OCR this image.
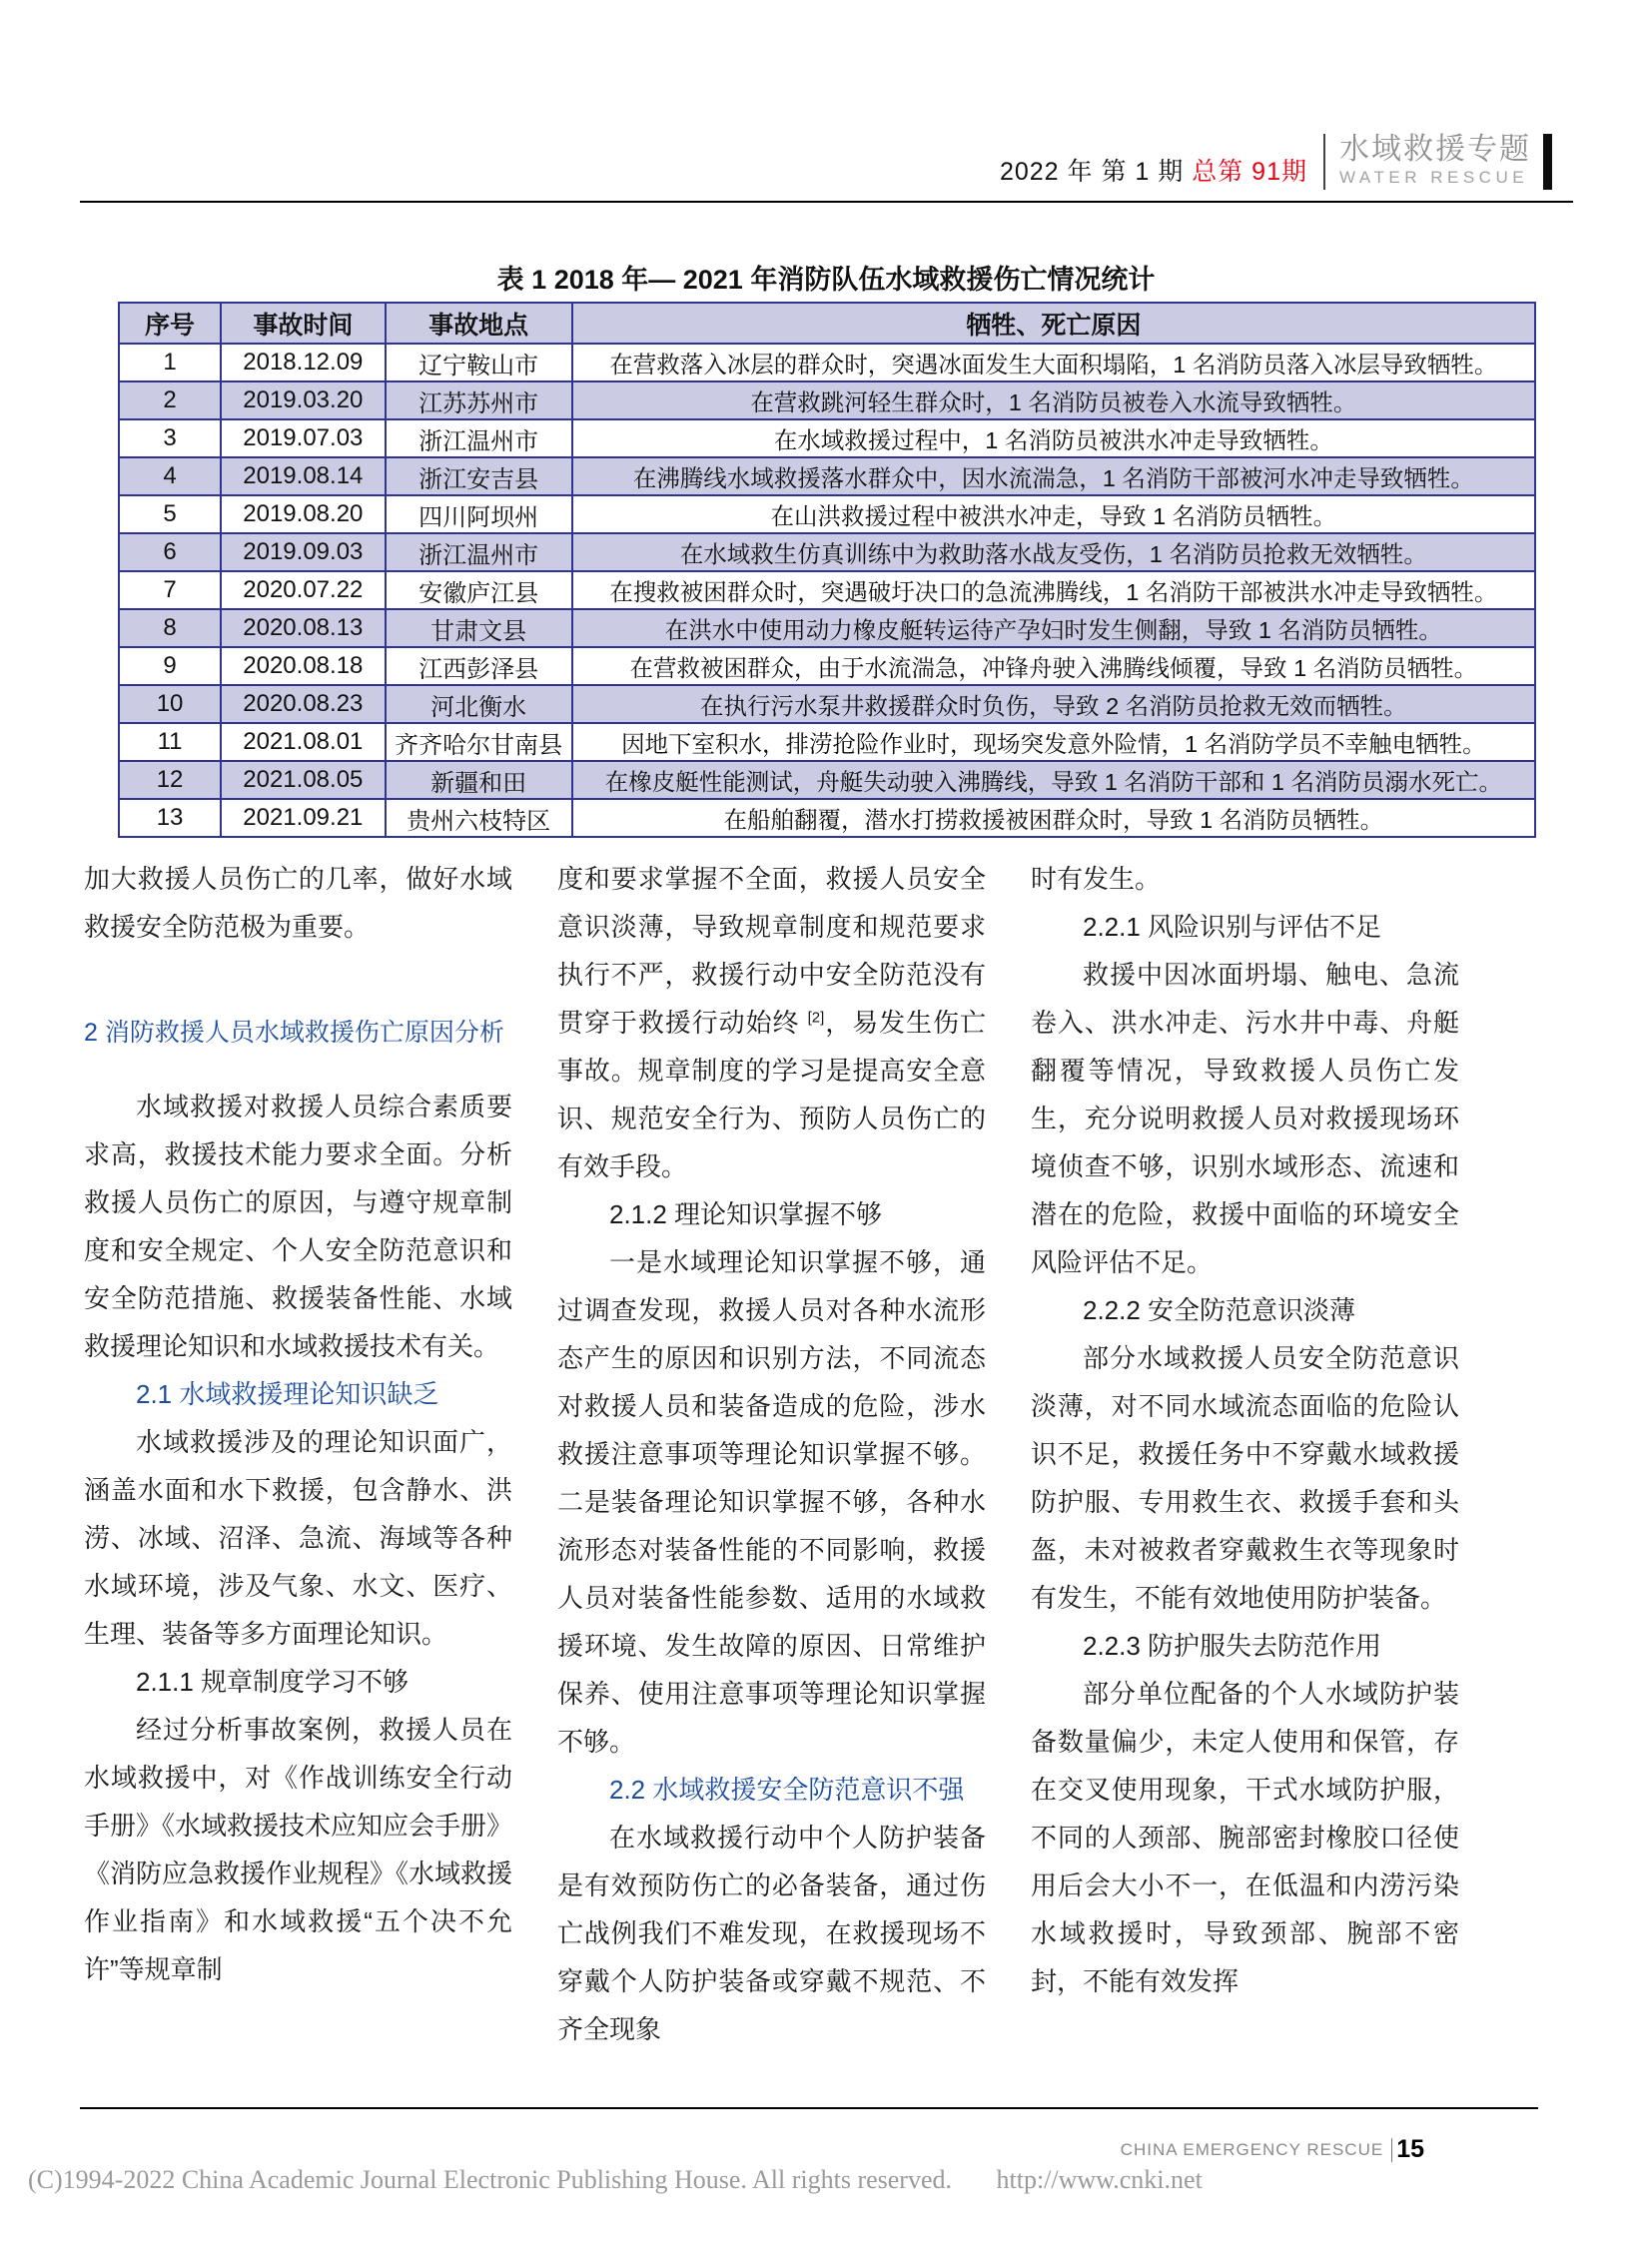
2022 年 第 1 期 总第 91期
水域救援专题
WATER RESCUE
表 1 2018 年— 2021 年消防队伍水域救援伤亡情况统计
序号	事故时间	事故地点	牺牲、死亡原因
1	2018.12.09	辽宁鞍山市	在营救落入冰层的群众时，突遇冰面发生大面积塌陷，1 名消防员落入冰层导致牺牲。
2	2019.03.20	江苏苏州市	在营救跳河轻生群众时，1 名消防员被卷入水流导致牺牲。
3	2019.07.03	浙江温州市	在水域救援过程中，1 名消防员被洪水冲走导致牺牲。
4	2019.08.14	浙江安吉县	在沸腾线水域救援落水群众中，因水流湍急，1 名消防干部被河水冲走导致牺牲。
5	2019.08.20	四川阿坝州	在山洪救援过程中被洪水冲走，导致 1 名消防员牺牲。
6	2019.09.03	浙江温州市	在水域救生仿真训练中为救助落水战友受伤，1 名消防员抢救无效牺牲。
7	2020.07.22	安徽庐江县	在搜救被困群众时，突遇破圩决口的急流沸腾线，1 名消防干部被洪水冲走导致牺牲。
8	2020.08.13	甘肃文县	在洪水中使用动力橡皮艇转运待产孕妇时发生侧翻，导致 1 名消防员牺牲。
9	2020.08.18	江西彭泽县	在营救被困群众，由于水流湍急，冲锋舟驶入沸腾线倾覆，导致 1 名消防员牺牲。
10	2020.08.23	河北衡水	在执行污水泵井救援群众时负伤，导致 2 名消防员抢救无效而牺牲。
11	2021.08.01	齐齐哈尔甘南县	因地下室积水，排涝抢险作业时，现场突发意外险情，1 名消防学员不幸触电牺牲。
12	2021.08.05	新疆和田	在橡皮艇性能测试，舟艇失动驶入沸腾线，导致 1 名消防干部和 1 名消防员溺水死亡。
13	2021.09.21	贵州六枝特区	在船舶翻覆，潜水打捞救援被困群众时，导致 1 名消防员牺牲。
加大救援人员伤亡的几率，做好水域救援安全防范极为重要。
2 消防救援人员水域救援伤亡原因分析
水域救援对救援人员综合素质要求高，救援技术能力要求全面。分析救援人员伤亡的原因，与遵守规章制度和安全规定、个人安全防范意识和安全防范措施、救援装备性能、水域救援理论知识和水域救援技术有关。
2.1 水域救援理论知识缺乏
水域救援涉及的理论知识面广，涵盖水面和水下救援，包含静水、洪涝、冰域、沼泽、急流、海域等各种水域环境，涉及气象、水文、医疗、生理、装备等多方面理论知识。
2.1.1 规章制度学习不够
经过分析事故案例，救援人员在水域救援中，对《作战训练安全行动手册》《水域救援技术应知应会手册》《消防应急救援作业规程》《水域救援作业指南》和水域救援“五个决不允许”等规章制
度和要求掌握不全面，救援人员安全意识淡薄，导致规章制度和规范要求执行不严，救援行动中安全防范没有贯穿于救援行动始终 [2]，易发生伤亡事故。规章制度的学习是提高安全意识、规范安全行为、预防人员伤亡的有效手段。
2.1.2 理论知识掌握不够
一是水域理论知识掌握不够，通过调查发现，救援人员对各种水流形态产生的原因和识别方法，不同流态对救援人员和装备造成的危险，涉水救援注意事项等理论知识掌握不够。二是装备理论知识掌握不够，各种水流形态对装备性能的不同影响，救援人员对装备性能参数、适用的水域救援环境、发生故障的原因、日常维护保养、使用注意事项等理论知识掌握不够。
2.2 水域救援安全防范意识不强
在水域救援行动中个人防护装备是有效预防伤亡的必备装备，通过伤亡战例我们不难发现，在救援现场不穿戴个人防护装备或穿戴不规范、不齐全现象
时有发生。
2.2.1 风险识别与评估不足
救援中因冰面坍塌、触电、急流卷入、洪水冲走、污水井中毒、舟艇翻覆等情况，导致救援人员伤亡发生，充分说明救援人员对救援现场环境侦查不够，识别水域形态、流速和潜在的危险，救援中面临的环境安全风险评估不足。
2.2.2 安全防范意识淡薄
部分水域救援人员安全防范意识淡薄，对不同水域流态面临的危险认识不足，救援任务中不穿戴水域救援防护服、专用救生衣、救援手套和头盔，未对被救者穿戴救生衣等现象时有发生，不能有效地使用防护装备。
2.2.3 防护服失去防范作用
部分单位配备的个人水域防护装备数量偏少，未定人使用和保管，存在交叉使用现象，干式水域防护服，不同的人颈部、腕部密封橡胶口径使用后会大小不一，在低温和内涝污染水域救援时，导致颈部、腕部不密封，不能有效发挥
CHINA EMERGENCY RESCUE 15
(C)1994-2022 China Academic Journal Electronic Publishing House. All rights reserved. http://www.cnki.net
